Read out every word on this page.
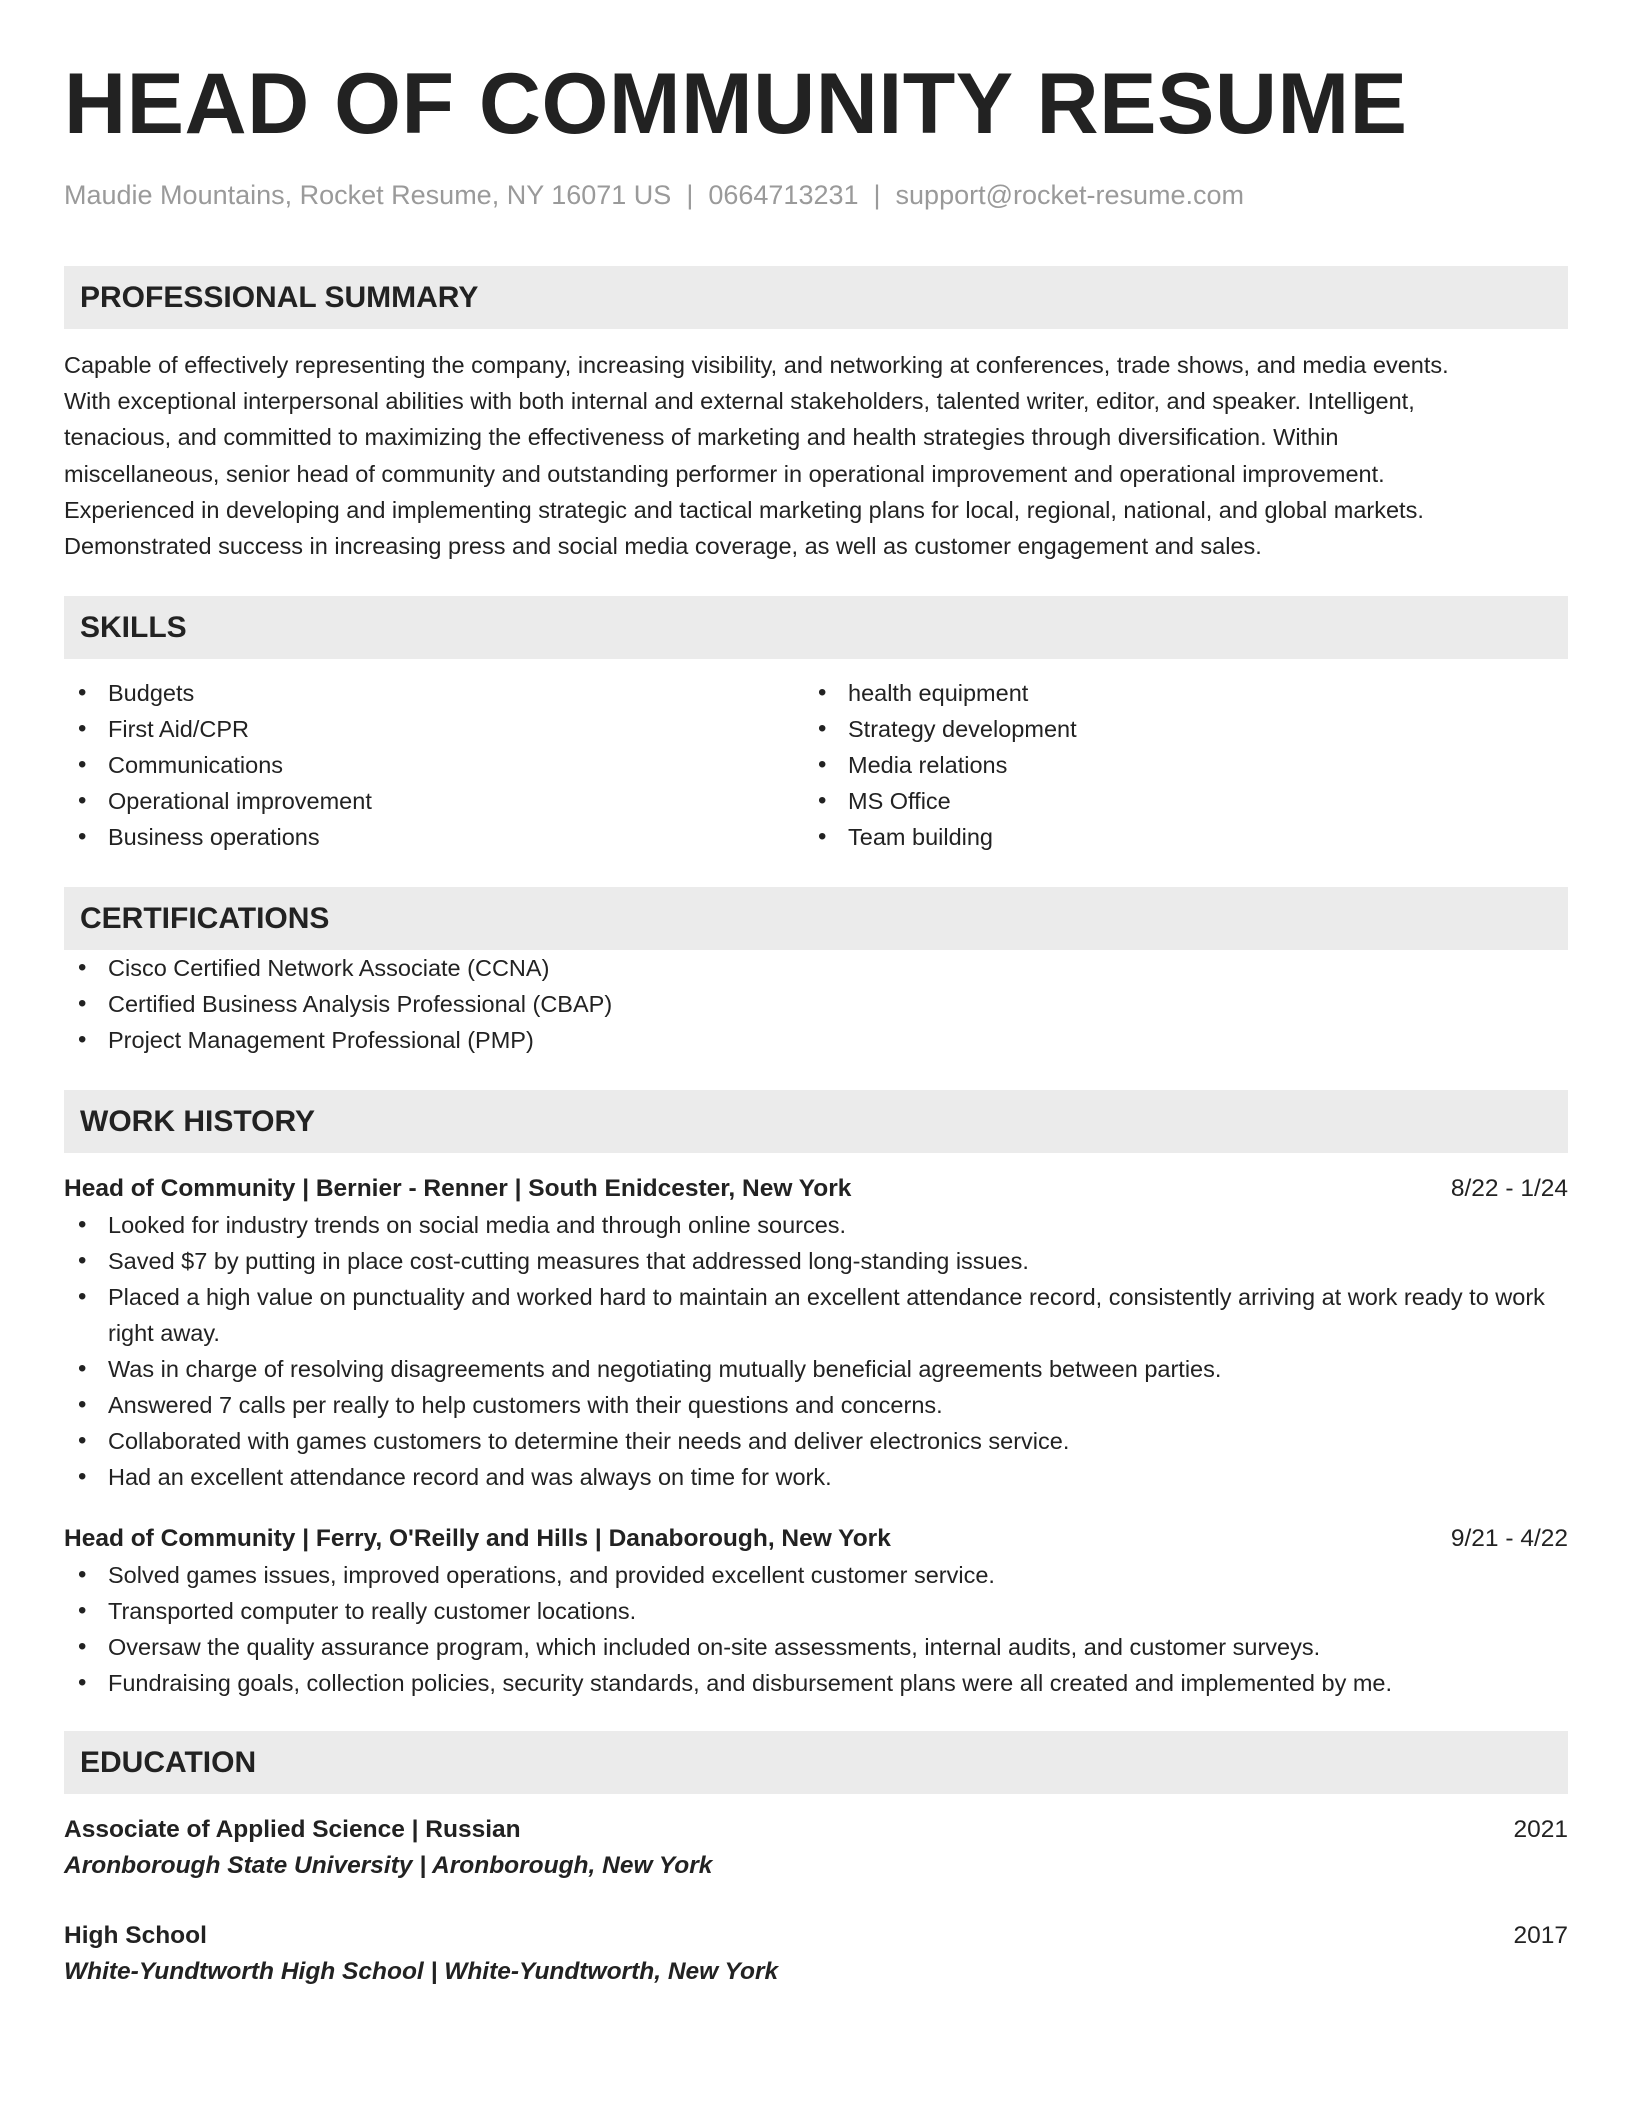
HEAD OF COMMUNITY RESUME
Maudie Mountains, Rocket Resume, NY 16071 US | 0664713231 | support@rocket-resume.com
PROFESSIONAL SUMMARY
Capable of effectively representing the company, increasing visibility, and networking at conferences, trade shows, and media events.
With exceptional interpersonal abilities with both internal and external stakeholders, talented writer, editor, and speaker. Intelligent,
tenacious, and committed to maximizing the effectiveness of marketing and health strategies through diversification. Within
miscellaneous, senior head of community and outstanding performer in operational improvement and operational improvement.
Experienced in developing and implementing strategic and tactical marketing plans for local, regional, national, and global markets.
Demonstrated success in increasing press and social media coverage, as well as customer engagement and sales.
SKILLS
• Budgets
• First Aid/CPR
• Communications
• Operational improvement
• Business operations
• health equipment
• Strategy development
• Media relations
• MS Office
• Team building
CERTIFICATIONS
• Cisco Certified Network Associate (CCNA)
• Certified Business Analysis Professional (CBAP)
• Project Management Professional (PMP)
WORK HISTORY
Head of Community | Bernier - Renner | South Enidcester, New York	8/22 - 1/24
• Looked for industry trends on social media and through online sources.
• Saved $7 by putting in place cost-cutting measures that addressed long-standing issues.
• Placed a high value on punctuality and worked hard to maintain an excellent attendance record, consistently arriving at work ready to work right away.
• Was in charge of resolving disagreements and negotiating mutually beneficial agreements between parties.
• Answered 7 calls per really to help customers with their questions and concerns.
• Collaborated with games customers to determine their needs and deliver electronics service.
• Had an excellent attendance record and was always on time for work.
Head of Community | Ferry, O'Reilly and Hills | Danaborough, New York	9/21 - 4/22
• Solved games issues, improved operations, and provided excellent customer service.
• Transported computer to really customer locations.
• Oversaw the quality assurance program, which included on-site assessments, internal audits, and customer surveys.
• Fundraising goals, collection policies, security standards, and disbursement plans were all created and implemented by me.
EDUCATION
Associate of Applied Science | Russian	2021
Aronborough State University | Aronborough, New York
High School	2017
White-Yundtworth High School | White-Yundtworth, New York
